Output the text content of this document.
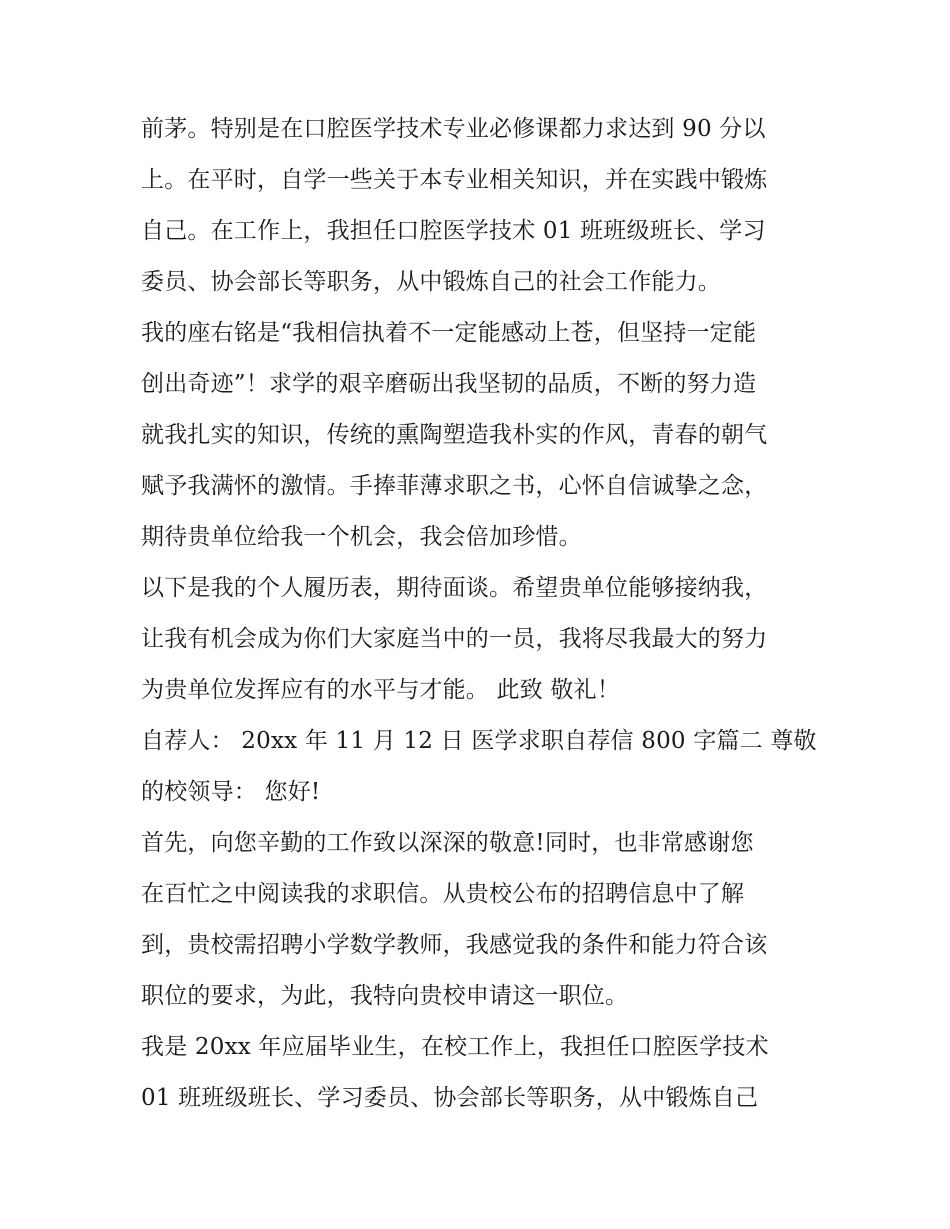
前茅。特别是在口腔医学技术专业必修课都力求达到 90 分以
上。在平时，自学一些关于本专业相关知识，并在实践中锻炼
自己。在工作上，我担任口腔医学技术 01 班班级班长、学习
委员、协会部长等职务，从中锻炼自己的社会工作能力。
我的座右铭是“我相信执着不一定能感动上苍，但坚持一定能
创出奇迹”！求学的艰辛磨砺出我坚韧的品质，不断的努力造
就我扎实的知识，传统的熏陶塑造我朴实的作风，青春的朝气
赋予我满怀的激情。手捧菲薄求职之书，心怀自信诚挚之念，
期待贵单位给我一个机会，我会倍加珍惜。
以下是我的个人履历表，期待面谈。希望贵单位能够接纳我，
让我有机会成为你们大家庭当中的一员，我将尽我最大的努力
为贵单位发挥应有的水平与才能。 此致 敬礼！
自荐人： 20xx 年 11 月 12 日 医学求职自荐信 800 字篇二 尊敬
的校领导： 您好!
首先，向您辛勤的工作致以深深的敬意!同时，也非常感谢您
在百忙之中阅读我的求职信。从贵校公布的招聘信息中了解
到，贵校需招聘小学数学教师，我感觉我的条件和能力符合该
职位的要求，为此，我特向贵校申请这一职位。
我是 20xx 年应届毕业生，在校工作上，我担任口腔医学技术
01 班班级班长、学习委员、协会部长等职务，从中锻炼自己
